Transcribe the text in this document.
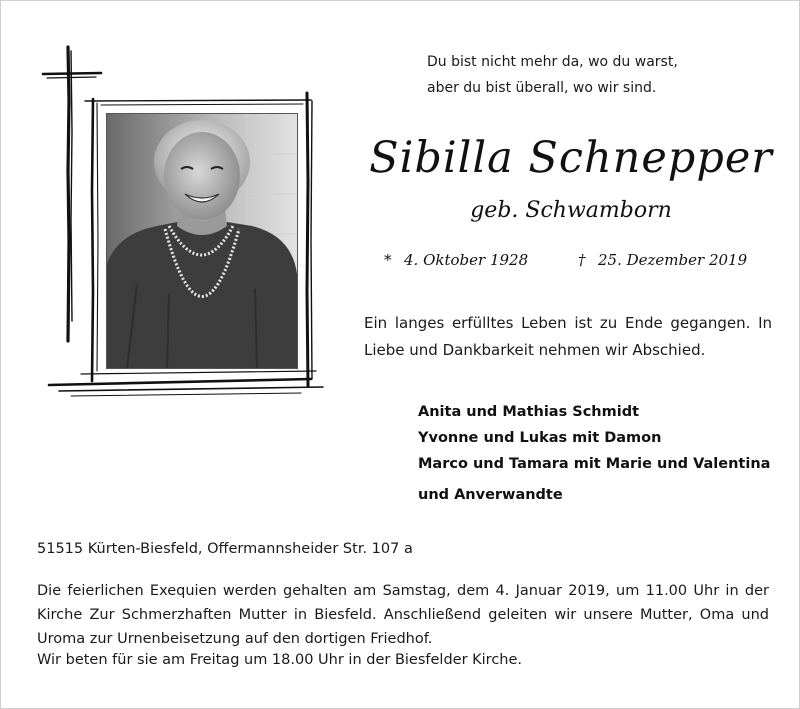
Du bist nicht mehr da, wo du warst,
aber du bist überall, wo wir sind.
Sibilla Schnepper
geb. Schwamborn
* 4. Oktober 1928	† 25. Dezember 2019
Ein langes erfülltes Leben ist zu Ende gegangen. In
Liebe und Dankbarkeit nehmen wir Abschied.
Anita und Mathias Schmidt
Yvonne und Lukas mit Damon
Marco und Tamara mit Marie und Valentina
und Anverwandte
51515 Kürten-Biesfeld, Offermannsheider Str. 107 a
Die feierlichen Exequien werden gehalten am Samstag, dem 4. Januar 2019, um 11.00 Uhr in der
Kirche Zur Schmerzhaften Mutter in Biesfeld. Anschließend geleiten wir unsere Mutter, Oma und
Uroma zur Urnenbeisetzung auf den dortigen Friedhof.
Wir beten für sie am Freitag um 18.00 Uhr in der Biesfelder Kirche.
